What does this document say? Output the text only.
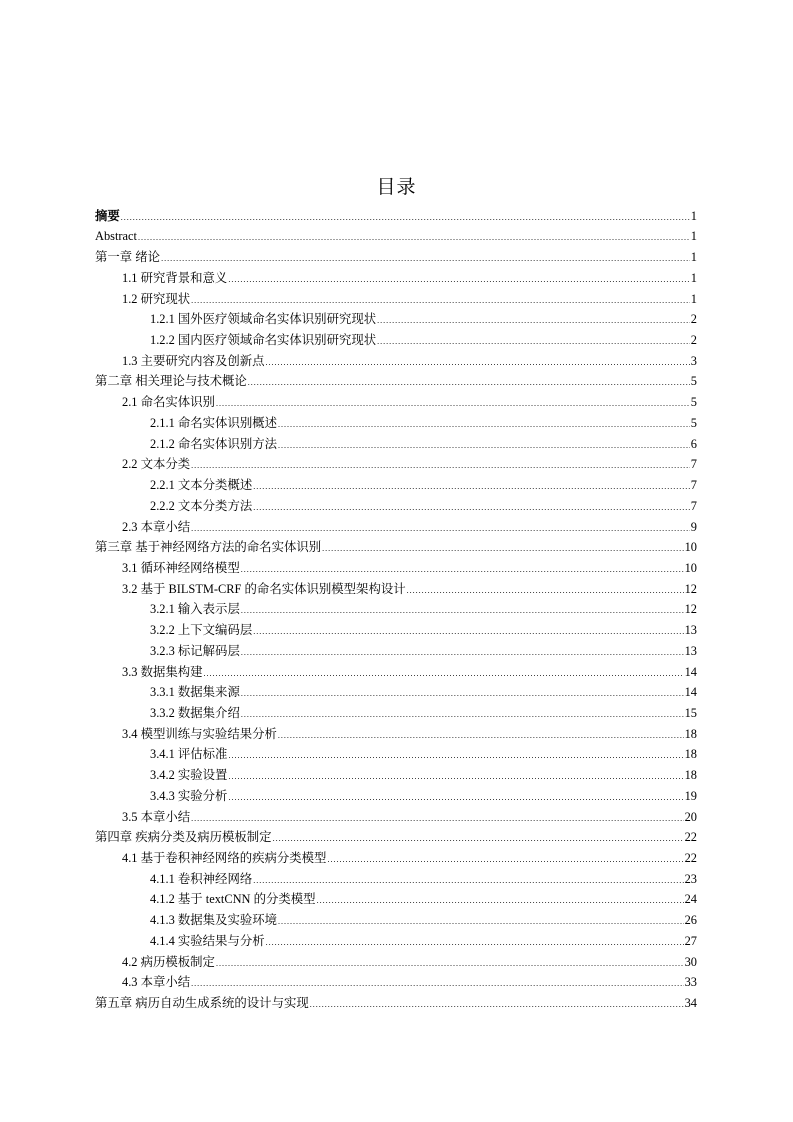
目录
摘要 .....	1
Abstract .....	1
第一章 绪论 .....	1
1.1 研究背景和意义 .....	1
1.2 研究现状 .....	1
1.2.1 国外医疗领域命名实体识别研究现状 .....	2
1.2.2 国内医疗领域命名实体识别研究现状 .....	2
1.3 主要研究内容及创新点 .....	3
第二章 相关理论与技术概论 .....	5
2.1 命名实体识别 .....	5
2.1.1 命名实体识别概述 .....	5
2.1.2 命名实体识别方法 .....	6
2.2 文本分类 .....	7
2.2.1 文本分类概述 .....	7
2.2.2 文本分类方法 .....	7
2.3 本章小结 .....	9
第三章 基于神经网络方法的命名实体识别 .....	10
3.1 循环神经网络模型 .....	10
3.2 基于 BILSTM-CRF 的命名实体识别模型架构设计 .....	12
3.2.1 输入表示层 .....	12
3.2.2 上下文编码层 .....	13
3.2.3 标记解码层 .....	13
3.3 数据集构建 .....	14
3.3.1 数据集来源 .....	14
3.3.2 数据集介绍 .....	15
3.4 模型训练与实验结果分析 .....	18
3.4.1 评估标准 .....	18
3.4.2 实验设置 .....	18
3.4.3 实验分析 .....	19
3.5 本章小结 .....	20
第四章 疾病分类及病历模板制定 .....	22
4.1 基于卷积神经网络的疾病分类模型 .....	22
4.1.1 卷积神经网络 .....	23
4.1.2 基于 textCNN 的分类模型 .....	24
4.1.3 数据集及实验环境 .....	26
4.1.4 实验结果与分析 .....	27
4.2 病历模板制定 .....	30
4.3 本章小结 .....	33
第五章 病历自动生成系统的设计与实现 .....	34
